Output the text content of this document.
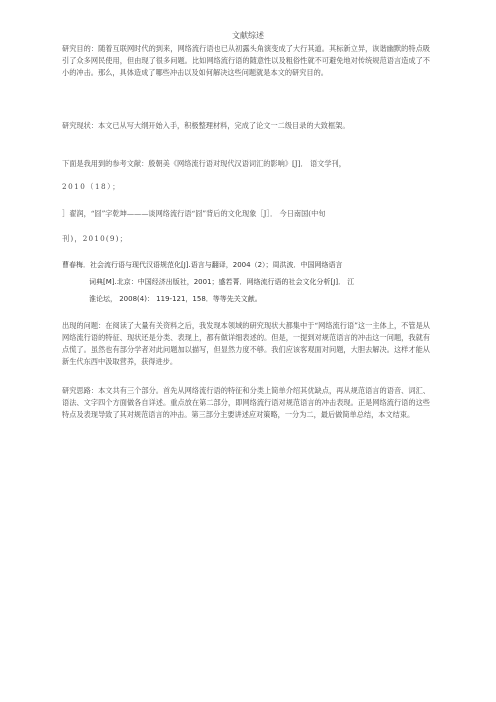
文献综述
研究目的：随着互联网时代的到来，网络流行语也已从初露头角演变成了大行其道。其标新立异，诙谐幽默的特点吸引了众多网民使用，但由现了很多问题。比如网络流行语的随意性以及粗俗性就不可避免地对传统规范语言造成了不小的冲击。那么，具体造成了哪些冲击以及如何解决这些问题就是本文的研究目的。
研究现状：本文已从写大纲开始入手，积极整理材料，完成了论文一二级目录的大致框架。
下面是我用到的参考文献：殷朝美《网络流行语对现代汉语词汇的影响》[J]． 语文学刊，
2010（18）；
］翟润，“囧”字乾坤———谈网络流行语“囧”背后的文化现象［J］． 今日南国(中旬
刊)，2010(9)；
曹春梅．社会流行语与现代汉语规范化[J].语言与翻译，2004（2）；周洪波．中国网络语言
词典[M].北京：中国经济出版社，2001；盛若菁．网络流行语的社会文化分析[J]． 江
淮论坛， 2008(4)： 119-121，158．等等先关文献。
出现的问题：在阅读了大量有关资料之后，我发现本领域的研究现状大都集中于“网络流行语”这一主体上，不管是从网络流行语的特征、现状还是分类、表现上，都有做详细表述的。但是，一提到对规范语言的冲击这一问题，我就有点慌了。虽然也有部分学者对此问题加以描写，但显然力度不够。我们应该客观面对问题，大胆去解决。这样才能从新生代东西中汲取营养，获得进步。
研究思路：本文共有三个部分。首先从网络流行语的特征和分类上简单介绍其优缺点，再从规范语言的语音、词汇、语法、文字四个方面做各自详述。重点放在第二部分，即网络流行语对规范语言的冲击表现。正是网络流行语的这些特点及表现导致了其对规范语言的冲击。第三部分主要讲述应对策略，一分为二，最后做简单总结，本文结束。
